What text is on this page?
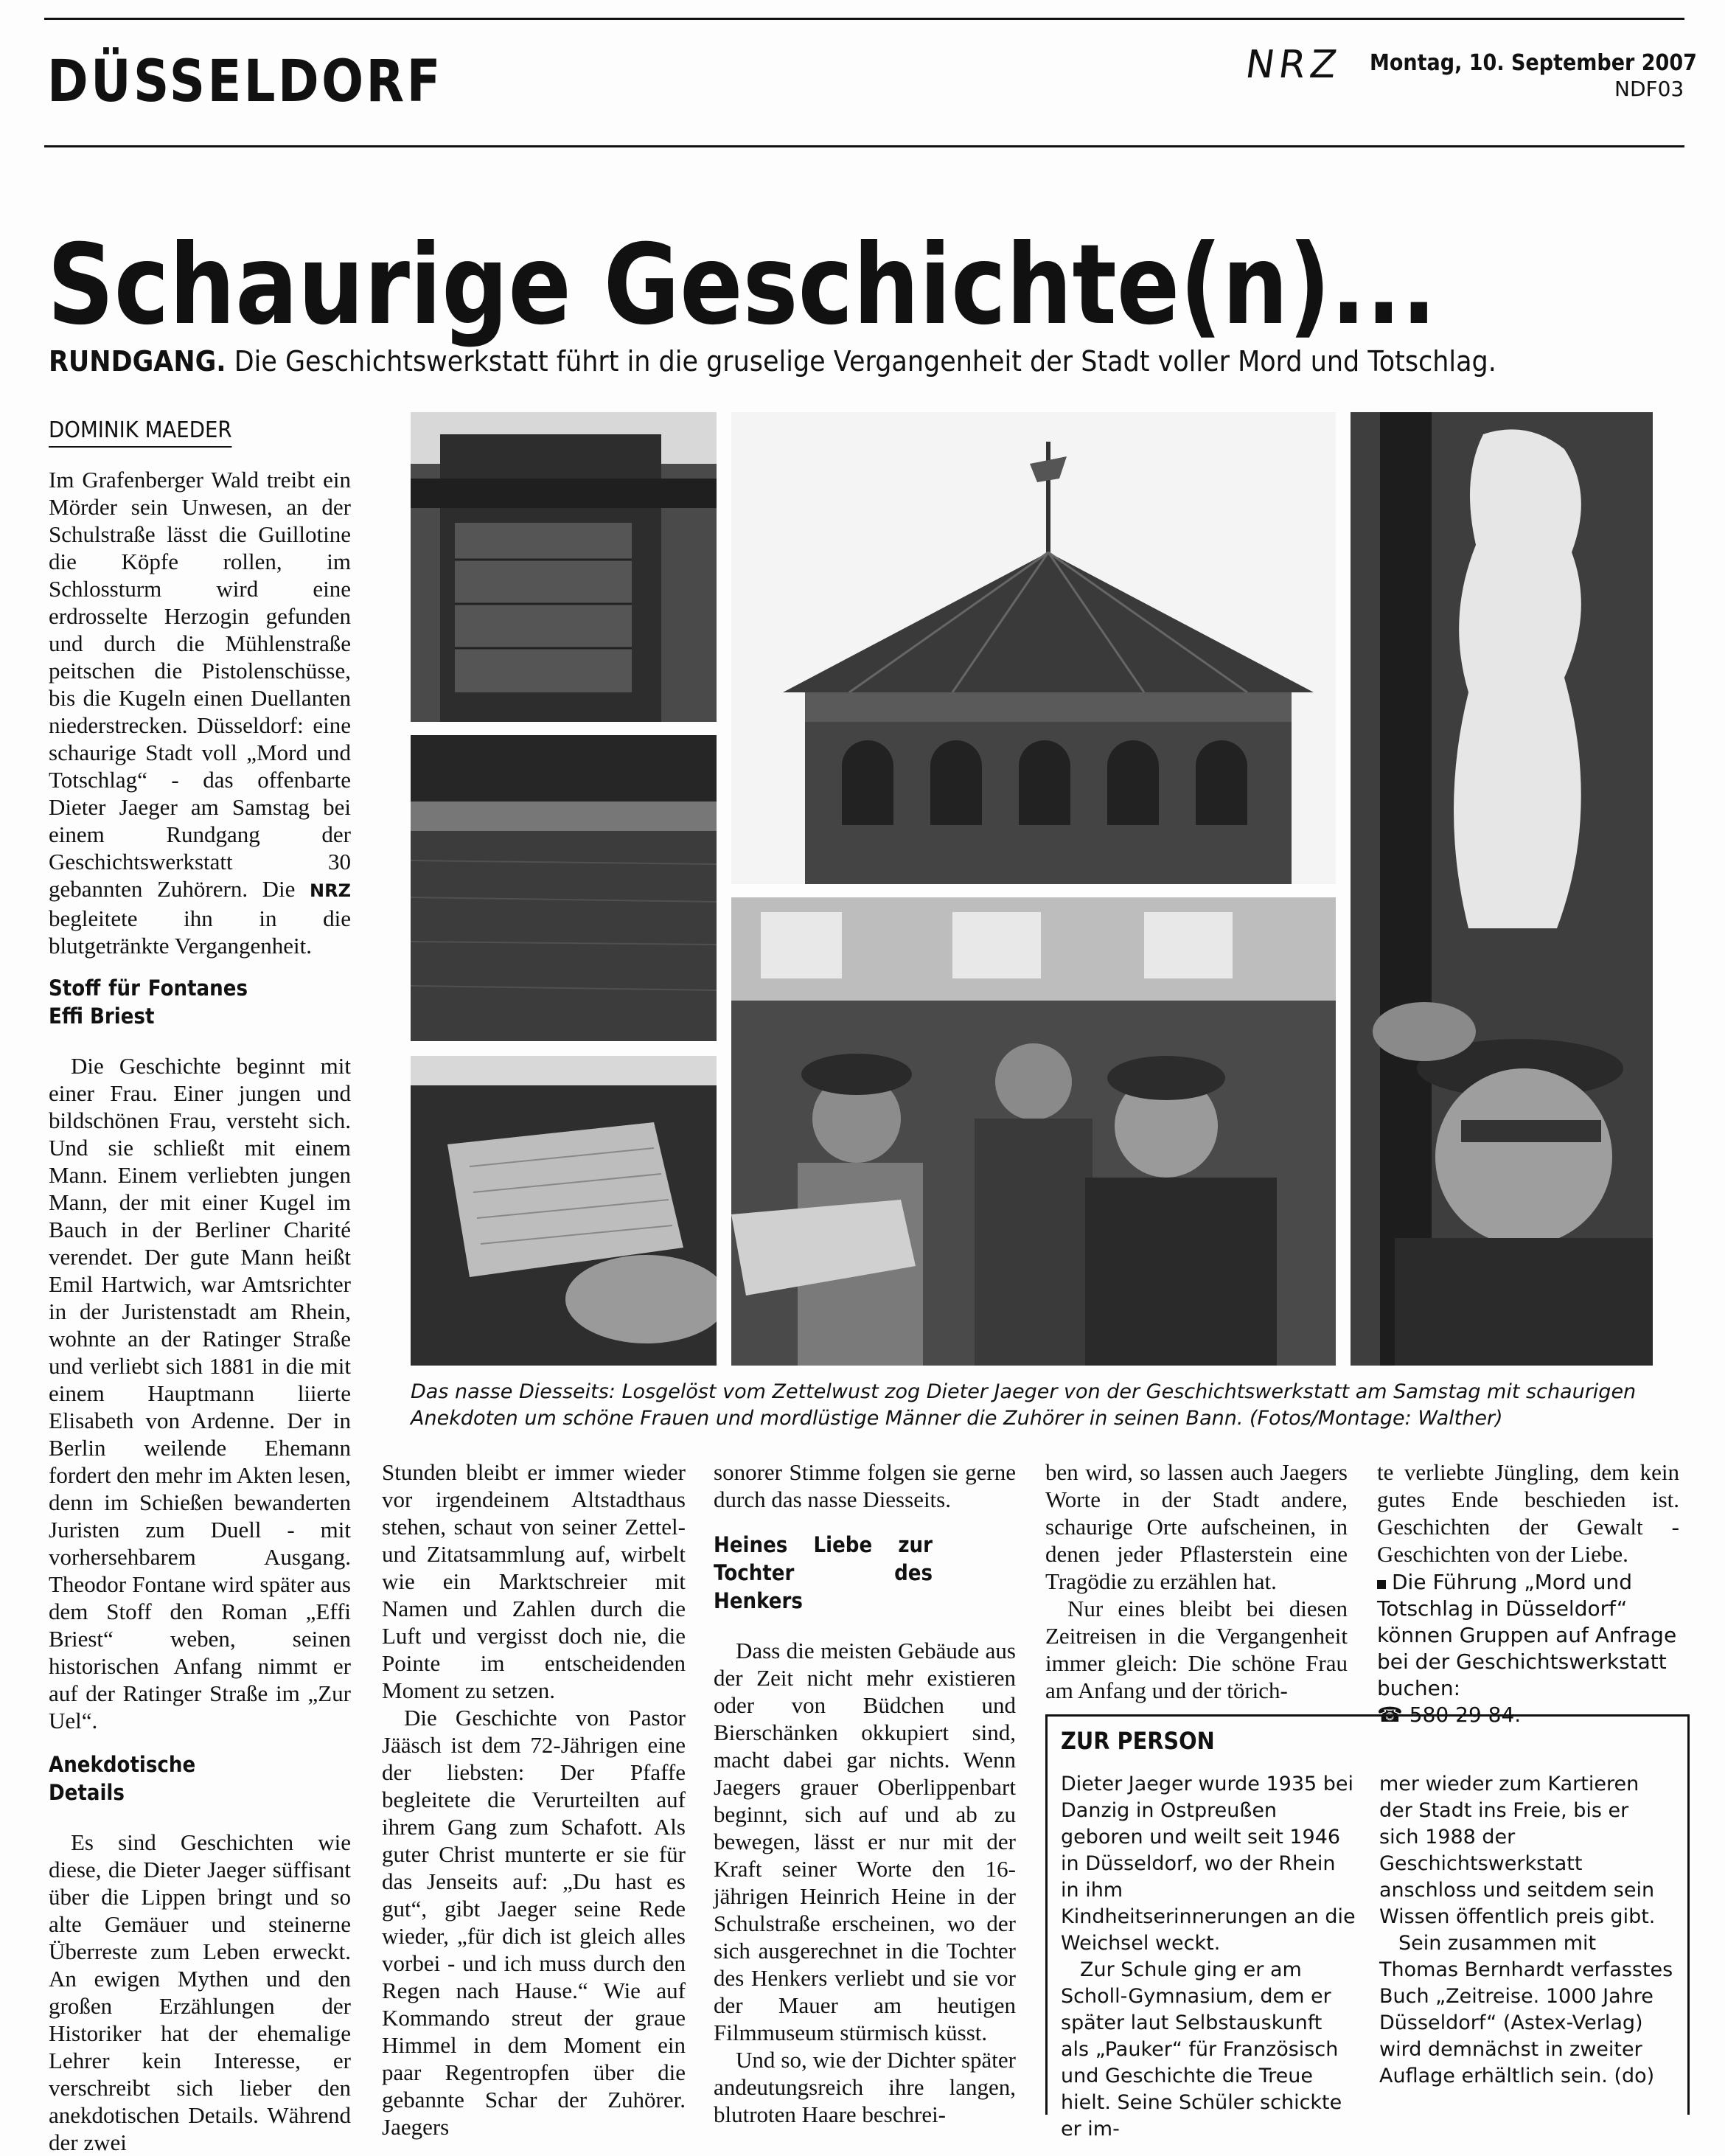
DÜSSELDORF	NRZ Montag, 10. September 2007
NDF03
Schaurige Geschichte(n)...
RUNDGANG. Die Geschichtswerkstatt führt in die gruselige Vergangenheit der Stadt voller Mord und Totschlag.
DOMINIK MAEDER

Im Grafenberger Wald treibt ein Mörder sein Unwesen, an der Schulstraße lässt die Guillotine die Köpfe rollen, im Schlossturm wird eine erdrosselte Herzogin gefunden und durch die Mühlenstraße peitschen die Pistolenschüsse, bis die Kugeln einen Duellanten niederstrecken. Düsseldorf: eine schaurige Stadt voll „Mord und Totschlag“ - das offenbarte Dieter Jaeger am Samstag bei einem Rundgang der Geschichtswerkstatt 30 gebannten Zuhörern. Die NRZ begleitete ihn in die blutgetränkte Vergangenheit.

Stoff für Fontanes Effi Briest

Die Geschichte beginnt mit einer Frau. Einer jungen und bildschönen Frau, versteht sich. Und sie schließt mit einem Mann. Einem verliebten jungen Mann, der mit einer Kugel im Bauch in der Berliner Charité verendet. Der gute Mann heißt Emil Hartwich, war Amtsrichter in der Juristenstadt am Rhein, wohnte an der Ratinger Straße und verliebt sich 1881 in die mit einem Hauptmann liierte Elisabeth von Ardenne. Der in Berlin weilende Ehemann fordert den mehr im Akten lesen, denn im Schießen bewanderten Juristen zum Duell - mit vorhersehbarem Ausgang. Theodor Fontane wird später aus dem Stoff den Roman „Effi Briest“ weben, seinen historischen Anfang nimmt er auf der Ratinger Straße im „Zur Uel“.

Anekdotische Details

Es sind Geschichten wie diese, die Dieter Jaeger süffisant über die Lippen bringt und so alte Gemäuer und steinerne Überreste zum Leben erweckt. An ewigen Mythen und den großen Erzählungen der Historiker hat der ehemalige Lehrer kein Interesse, er verschreibt sich lieber den anekdotischen Details. Während der zwei

Das nasse Diesseits: Losgelöst vom Zettelwust zog Dieter Jaeger von der Geschichtswerkstatt am Samstag mit schaurigen Anekdoten um schöne Frauen und mordlüstige Männer die Zuhörer in seinen Bann. (Fotos/Montage: Walther)

Stunden bleibt er immer wieder vor irgendeinem Altstadthaus stehen, schaut von seiner Zettel- und Zitatsammlung auf, wirbelt wie ein Marktschreier mit Namen und Zahlen durch die Luft und vergisst doch nie, die Pointe im entscheidenden Moment zu setzen.

Die Geschichte von Pastor Jääsch ist dem 72-Jährigen eine der liebsten: Der Pfaffe begleitete die Verurteilten auf ihrem Gang zum Schafott. Als guter Christ munterte er sie für das Jenseits auf: „Du hast es gut“, gibt Jaeger seine Rede wieder, „für dich ist gleich alles vorbei - und ich muss durch den Regen nach Hause.“ Wie auf Kommando streut der graue Himmel in dem Moment ein paar Regentropfen über die gebannte Schar der Zuhörer. Jaegers

sonorer Stimme folgen sie gerne durch das nasse Diesseits.

Heines Liebe zur Tochter des Henkers

Dass die meisten Gebäude aus der Zeit nicht mehr existieren oder von Büdchen und Bierschänken okkupiert sind, macht dabei gar nichts. Wenn Jaegers grauer Oberlippenbart beginnt, sich auf und ab zu bewegen, lässt er nur mit der Kraft seiner Worte den 16-jährigen Heinrich Heine in der Schulstraße erscheinen, wo der sich ausgerechnet in die Tochter des Henkers verliebt und sie vor der Mauer am heutigen Filmmuseum stürmisch küsst.

Und so, wie der Dichter später andeutungsreich ihre langen, blutroten Haare beschrei-

ben wird, so lassen auch Jaegers Worte in der Stadt andere, schaurige Orte aufscheinen, in denen jeder Pflasterstein eine Tragödie zu erzählen hat.

Nur eines bleibt bei diesen Zeitreisen in die Vergangenheit immer gleich: Die schöne Frau am Anfang und der törich-

te verliebte Jüngling, dem kein gutes Ende beschieden ist. Geschichten der Gewalt - Geschichten von der Liebe.

Die Führung „Mord und Totschlag in Düsseldorf“ können Gruppen auf Anfrage bei der Geschichtswerkstatt buchen:
☎ 580 29 84.
ZUR PERSON

Dieter Jaeger wurde 1935 bei Danzig in Ostpreußen geboren und weilt seit 1946 in Düsseldorf, wo der Rhein in ihm Kindheitserinnerungen an die Weichsel weckt.

Zur Schule ging er am Scholl-Gymnasium, dem er später laut Selbstauskunft als „Pauker“ für Französisch und Geschichte die Treue hielt. Seine Schüler schickte er im-

mer wieder zum Kartieren der Stadt ins Freie, bis er sich 1988 der Geschichtswerkstatt anschloss und seitdem sein Wissen öffentlich preis gibt.

Sein zusammen mit Thomas Bernhardt verfasstes Buch „Zeitreise. 1000 Jahre Düsseldorf“ (Astex-Verlag) wird demnächst in zweiter Auflage erhältlich sein. (do)
